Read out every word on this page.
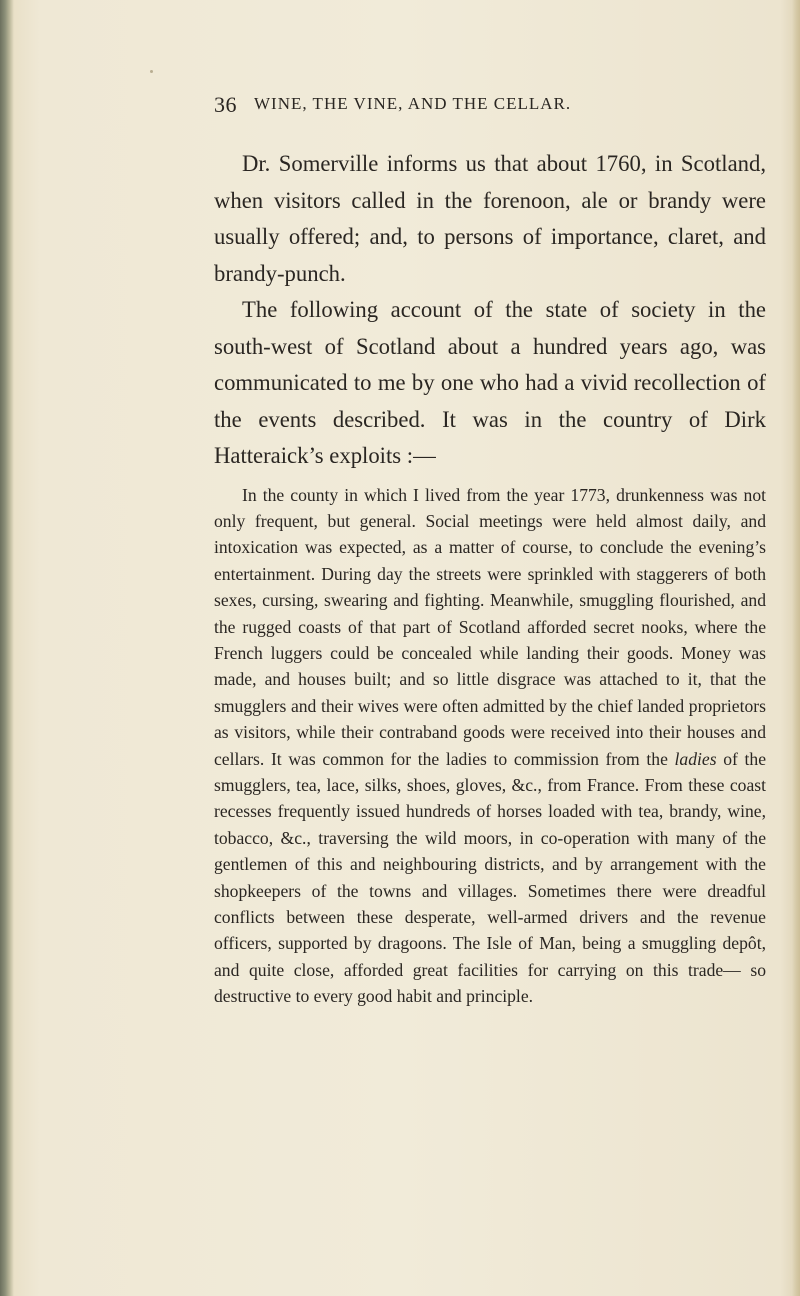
36 WINE, THE VINE, AND THE CELLAR.

Dr. Somerville informs us that about 1760, in Scotland, when visitors called in the forenoon, ale or brandy were usually offered; and, to persons of importance, claret, and brandy-punch.

The following account of the state of society in the south-west of Scotland about a hundred years ago, was communicated to me by one who had a vivid recollection of the events described. It was in the country of Dirk Hatteraick’s exploits :—

In the county in which I lived from the year 1773, drunkenness was not only frequent, but general. Social meetings were held almost daily, and intoxication was expected, as a matter of course, to conclude the evening’s entertainment. During day the streets were sprinkled with staggerers of both sexes, cursing, swearing and fighting. Meanwhile, smuggling flourished, and the rugged coasts of that part of Scotland afforded secret nooks, where the French luggers could be concealed while landing their goods. Money was made, and houses built; and so little disgrace was attached to it, that the smugglers and their wives were often admitted by the chief landed proprietors as visitors, while their contraband goods were received into their houses and cellars. It was common for the ladies to commission from the ladies of the smugglers, tea, lace, silks, shoes, gloves, &c., from France. From these coast recesses frequently issued hundreds of horses loaded with tea, brandy, wine, tobacco, &c., traversing the wild moors, in co-operation with many of the gentlemen of this and neighbouring districts, and by arrangement with the shopkeepers of the towns and villages. Sometimes there were dreadful conflicts between these desperate, well-armed drivers and the revenue officers, supported by dragoons. The Isle of Man, being a smuggling depôt, and quite close, afforded great facilities for carrying on this trade— so destructive to every good habit and principle.
